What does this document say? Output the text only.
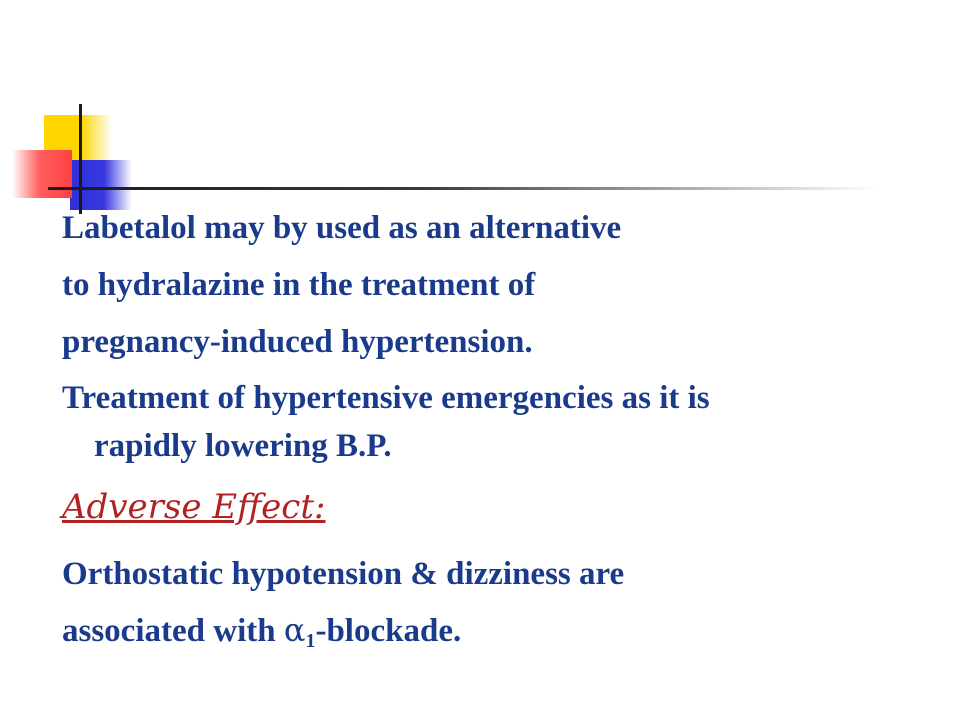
Labetalol may by used as an alternative

to hydralazine in the treatment of

pregnancy-induced hypertension.

Treatment of hypertensive emergencies as it is

rapidly lowering B.P.

Adverse Effect:

Orthostatic hypotension & dizziness are

associated with $\alpha_1$-blockade.
